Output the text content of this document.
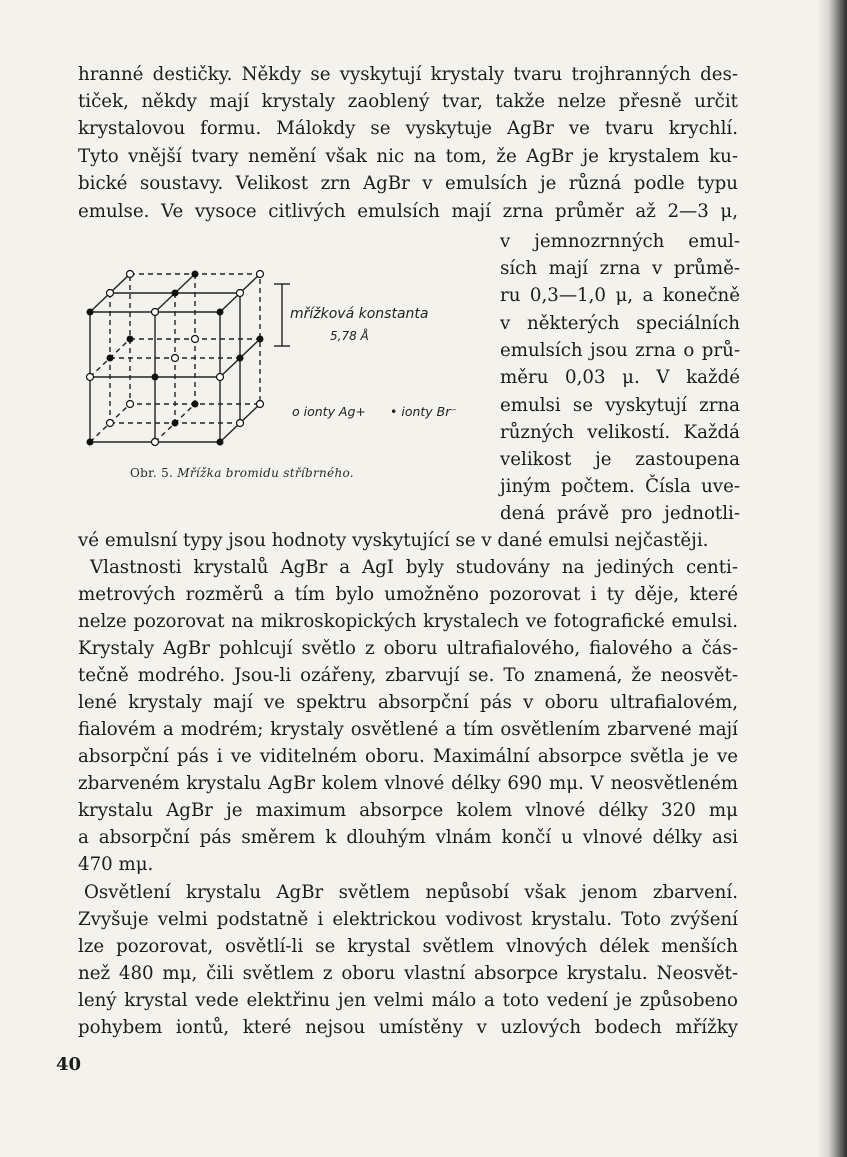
hranné destičky. Někdy se vyskytují krystaly tvaru trojhranných des-
tiček, někdy mají krystaly zaoblený tvar, takže nelze přesně určit
krystalovou formu. Málokdy se vyskytuje AgBr ve tvaru krychlí.
Tyto vnější tvary nemění však nic na tom, že AgBr je krystalem ku-
bické soustavy. Velikost zrn AgBr v emulsích je různá podle typu
emulse. Ve vysoce citlivých emulsích mají zrna průměr až 2—3 μ,
v jemnozrnných emul-
sích mají zrna v průmě-
ru 0,3—1,0 μ, a konečně
v některých speciálních
emulsích jsou zrna o prů-
měru 0,03 μ. V každé
emulsi se vyskytují zrna
různých velikostí. Každá
velikost je zastoupena
jiným počtem. Čísla uve-
dená právě pro jednotli-
mřížková konstanta
5,78 Å
o ionty Ag+ • ionty Br⁻
Obr. 5. Mřížka bromidu stříbrného.
vé emulsní typy jsou hodnoty vyskytující se v dané emulsi nejčastěji.
Vlastnosti krystalů AgBr a AgI byly studovány na jediných centi-
metrových rozměrů a tím bylo umožněno pozorovat i ty děje, které
nelze pozorovat na mikroskopických krystalech ve fotografické emulsi.
Krystaly AgBr pohlcují světlo z oboru ultrafialového, fialového a čás-
tečně modrého. Jsou-li ozářeny, zbarvují se. To znamená, že neosvět-
lené krystaly mají ve spektru absorpční pás v oboru ultrafialovém,
fialovém a modrém; krystaly osvětlené a tím osvětlením zbarvené mají
absorpční pás i ve viditelném oboru. Maximální absorpce světla je ve
zbarveném krystalu AgBr kolem vlnové délky 690 mμ. V neosvětleném
krystalu AgBr je maximum absorpce kolem vlnové délky 320 mμ
a absorpční pás směrem k dlouhým vlnám končí u vlnové délky asi
470 mμ.
Osvětlení krystalu AgBr světlem nepůsobí však jenom zbarvení.
Zvyšuje velmi podstatně i elektrickou vodivost krystalu. Toto zvýšení
lze pozorovat, osvětlí-li se krystal světlem vlnových délek menších
než 480 mμ, čili světlem z oboru vlastní absorpce krystalu. Neosvět-
lený krystal vede elektřinu jen velmi málo a toto vedení je způsobeno
pohybem iontů, které nejsou umístěny v uzlových bodech mřížky
40
